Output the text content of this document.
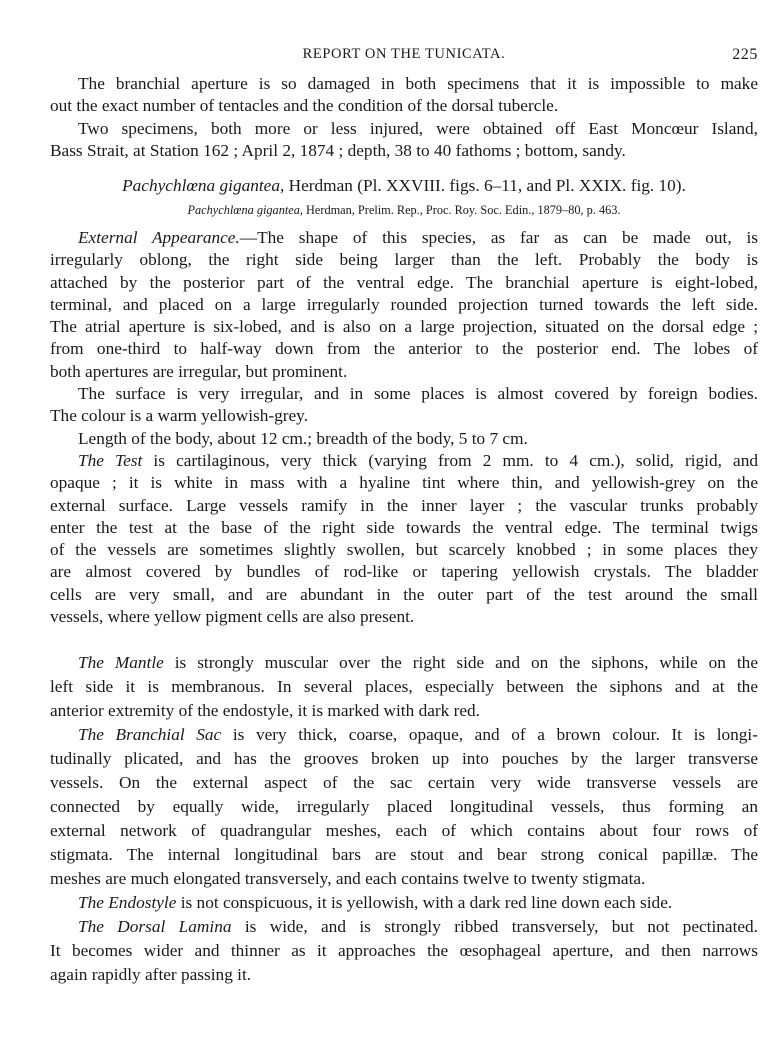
REPORT ON THE TUNICATA.	225
The branchial aperture is so damaged in both specimens that it is impossible to make
out the exact number of tentacles and the condition of the dorsal tubercle.
Two specimens, both more or less injured, were obtained off East Moncœur Island,
Bass Strait, at Station 162 ; April 2, 1874 ; depth, 38 to 40 fathoms ; bottom, sandy.
Pachychlœna gigantea, Herdman (Pl. XXVIII. figs. 6–11, and Pl. XXIX. fig. 10).
Pachychlœna gigantea, Herdman, Prelim. Rep., Proc. Roy. Soc. Edin., 1879–80, p. 463.
External Appearance.—The shape of this species, as far as can be made out, is
irregularly oblong, the right side being larger than the left. Probably the body is
attached by the posterior part of the ventral edge. The branchial aperture is eight-lobed,
terminal, and placed on a large irregularly rounded projection turned towards the left side.
The atrial aperture is six-lobed, and is also on a large projection, situated on the dorsal edge ;
from one-third to half-way down from the anterior to the posterior end. The lobes of
both apertures are irregular, but prominent.
The surface is very irregular, and in some places is almost covered by foreign bodies.
The colour is a warm yellowish-grey.
Length of the body, about 12 cm.; breadth of the body, 5 to 7 cm.
The Test is cartilaginous, very thick (varying from 2 mm. to 4 cm.), solid, rigid, and
opaque ; it is white in mass with a hyaline tint where thin, and yellowish-grey on the
external surface. Large vessels ramify in the inner layer ; the vascular trunks probably
enter the test at the base of the right side towards the ventral edge. The terminal twigs
of the vessels are sometimes slightly swollen, but scarcely knobbed ; in some places they
are almost covered by bundles of rod-like or tapering yellowish crystals. The bladder
cells are very small, and are abundant in the outer part of the test around the small
vessels, where yellow pigment cells are also present.
The Mantle is strongly muscular over the right side and on the siphons, while on the
left side it is membranous. In several places, especially between the siphons and at the
anterior extremity of the endostyle, it is marked with dark red.
The Branchial Sac is very thick, coarse, opaque, and of a brown colour. It is longi-
tudinally plicated, and has the grooves broken up into pouches by the larger transverse
vessels. On the external aspect of the sac certain very wide transverse vessels are
connected by equally wide, irregularly placed longitudinal vessels, thus forming an
external network of quadrangular meshes, each of which contains about four rows of
stigmata. The internal longitudinal bars are stout and bear strong conical papillæ. The
meshes are much elongated transversely, and each contains twelve to twenty stigmata.
The Endostyle is not conspicuous, it is yellowish, with a dark red line down each side.
The Dorsal Lamina is wide, and is strongly ribbed transversely, but not pectinated.
It becomes wider and thinner as it approaches the œsophageal aperture, and then narrows
again rapidly after passing it.
